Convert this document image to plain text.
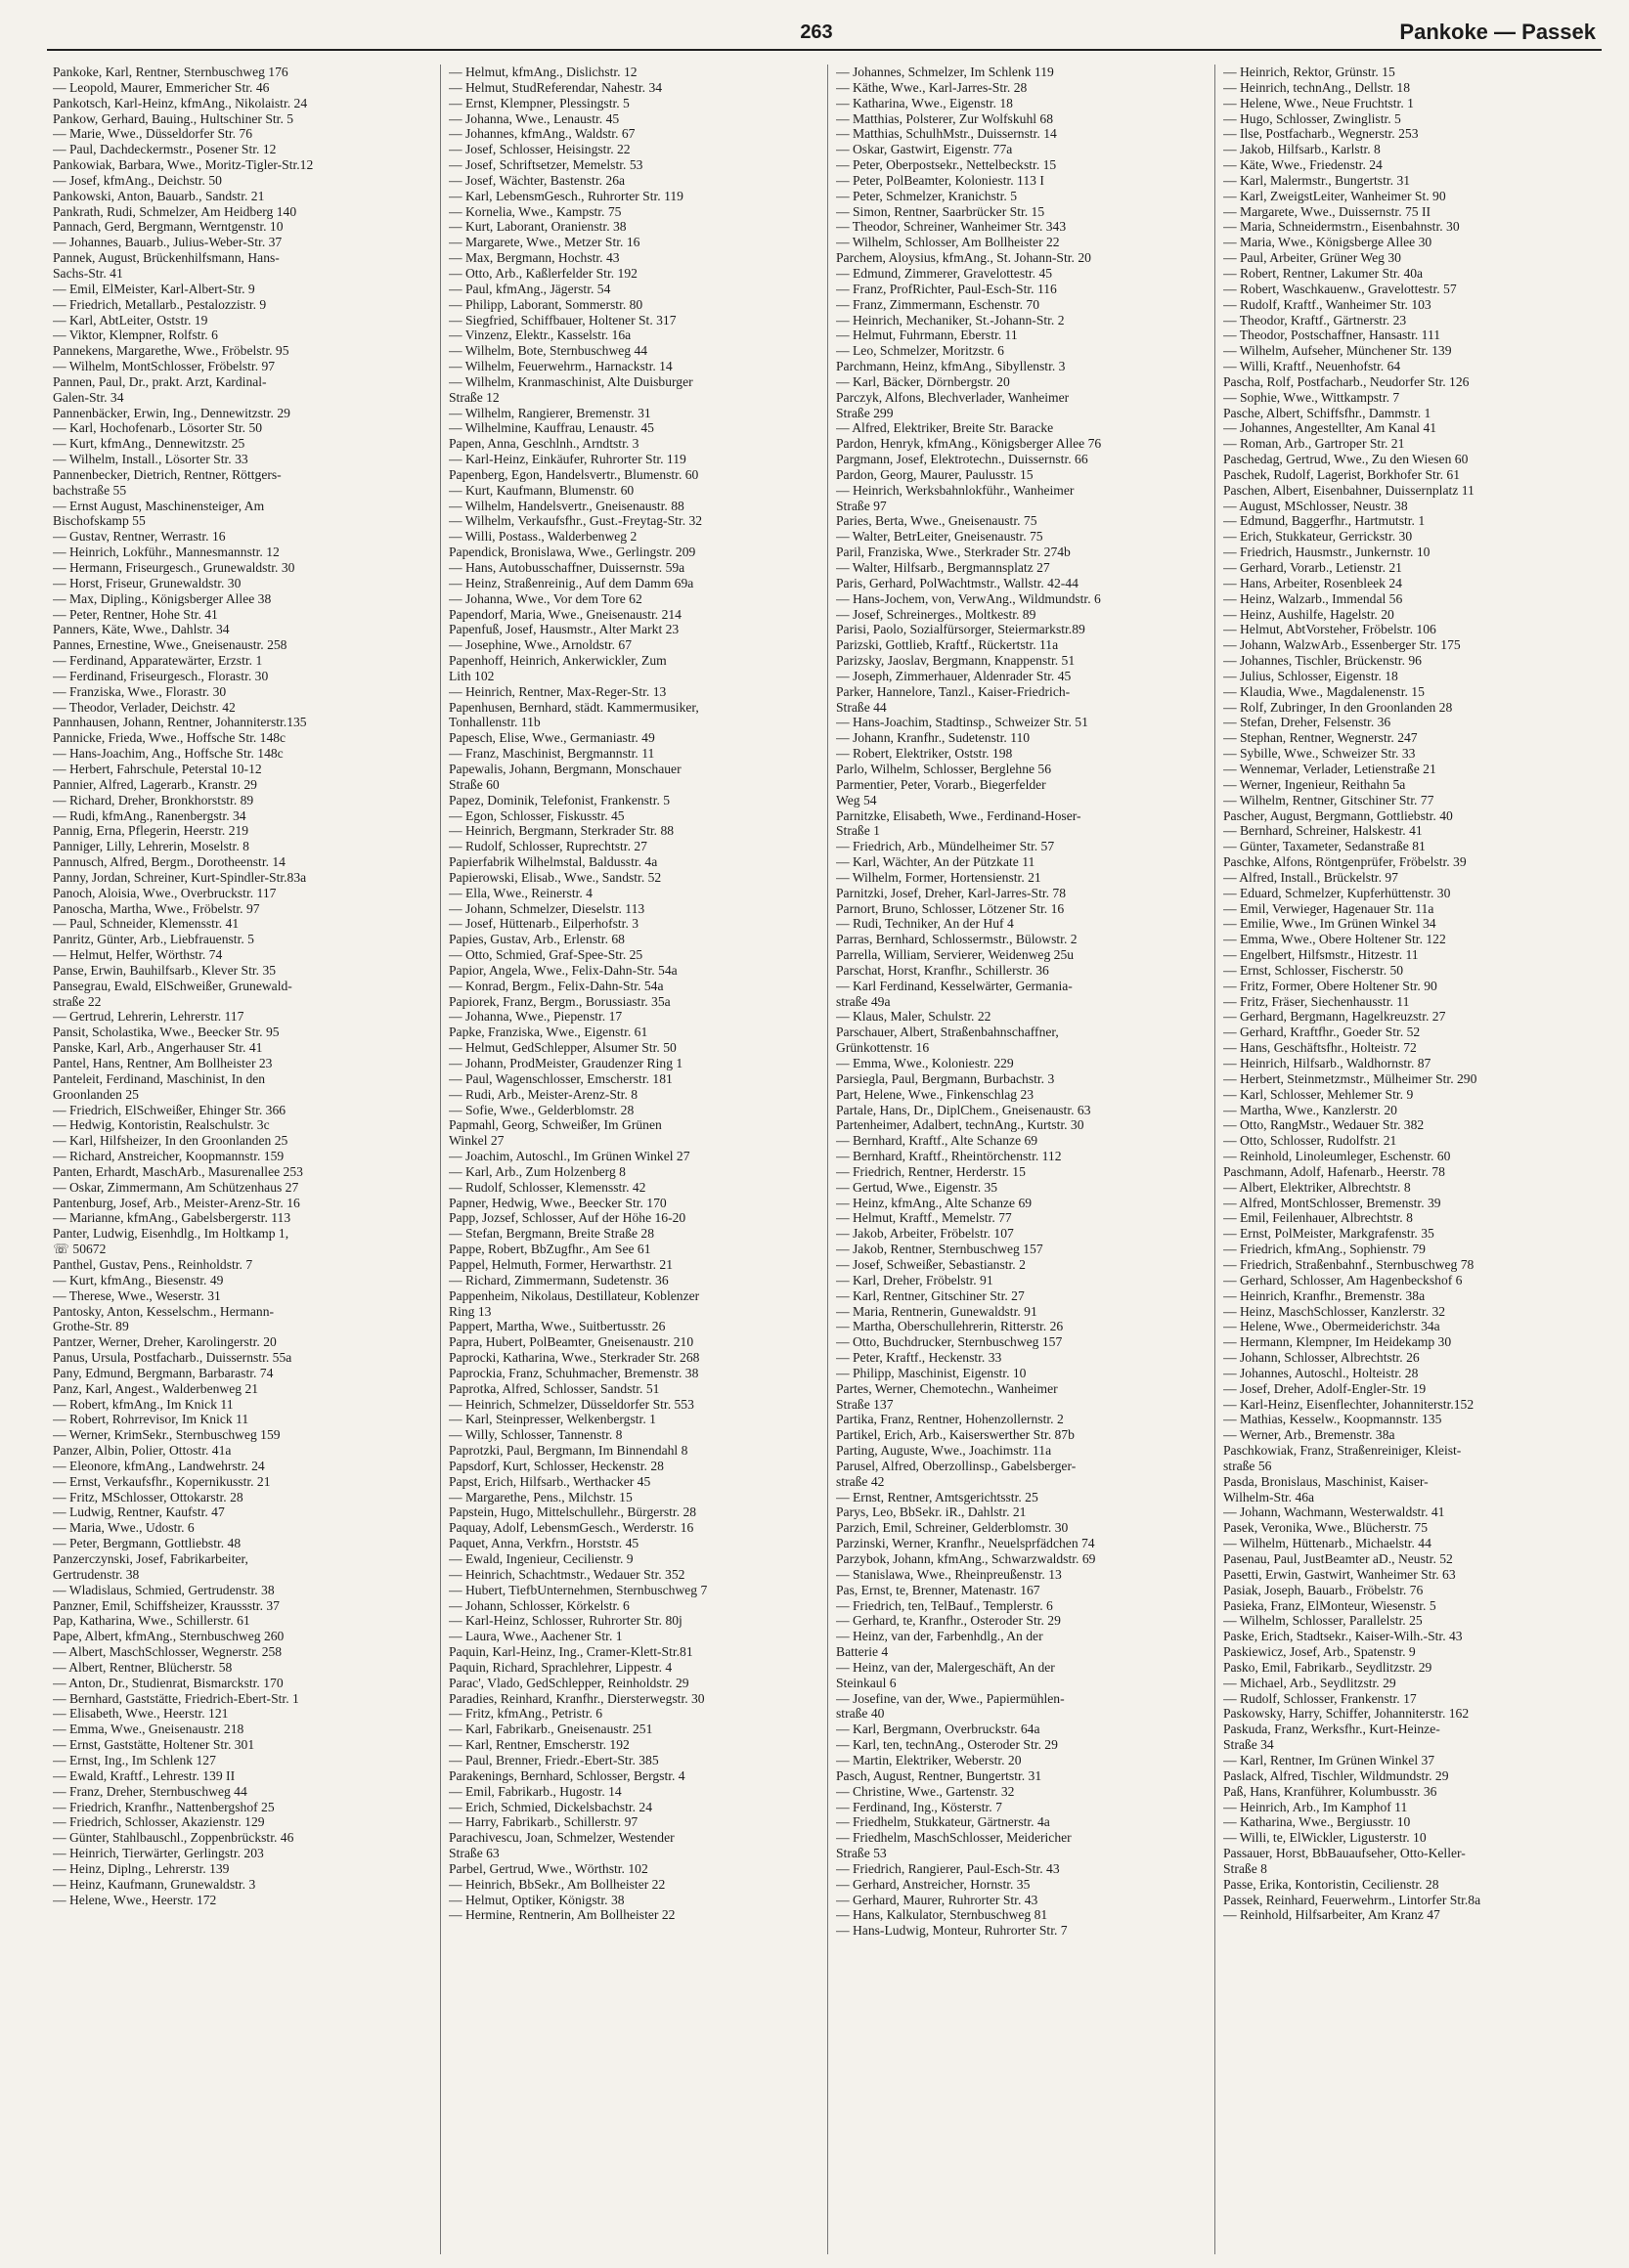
263	Pankoke — Passek
Pankoke, Karl, Rentner, Sternbuschweg 176
— Leopold, Maurer, Emmericher Str. 46
Pankotsch, Karl-Heinz, kfmAng., Nikolaistr. 24
Pankow, Gerhard, Bauing., Hultschiner Str. 5
— Marie, Wwe., Düsseldorfer Str. 76
— Paul, Dachdeckermstr., Posener Str. 12
Pankowiak, Barbara, Wwe., Moritz-Tigler-Str.12
— Josef, kfmAng., Deichstr. 50
Pankowski, Anton, Bauarb., Sandstr. 21
Pankrath, Rudi, Schmelzer, Am Heidberg 140
Pannach, Gerd, Bergmann, Werntgenstr. 10
— Johannes, Bauarb., Julius-Weber-Str. 37
Pannek, August, Brückenhilfsmann, Hans-
Sachs-Str. 41
— Emil, ElMeister, Karl-Albert-Str. 9
— Friedrich, Metallarb., Pestalozzistr. 9
— Karl, AbtLeiter, Oststr. 19
— Viktor, Klempner, Rolfstr. 6
Pannekens, Margarethe, Wwe., Fröbelstr. 95
— Wilhelm, MontSchlosser, Fröbelstr. 97
Pannen, Paul, Dr., prakt. Arzt, Kardinal-
Galen-Str. 34
Pannenbäcker, Erwin, Ing., Dennewitzstr. 29
— Karl, Hochofenarb., Lösorter Str. 50
— Kurt, kfmAng., Dennewitzstr. 25
— Wilhelm, Install., Lösorter Str. 33
Pannenbecker, Dietrich, Rentner, Röttgers-
bachstraße 55
— Ernst August, Maschinensteiger, Am
Bischofskamp 55
— Gustav, Rentner, Werrastr. 16
— Heinrich, Lokführ., Mannesmannstr. 12
— Hermann, Friseurgesch., Grunewaldstr. 30
— Horst, Friseur, Grunewaldstr. 30
— Max, Dipling., Königsberger Allee 38
— Peter, Rentner, Hohe Str. 41
Panners, Käte, Wwe., Dahlstr. 34
Pannes, Ernestine, Wwe., Gneisenaustr. 258
— Ferdinand, Apparatewärter, Erzstr. 1
— Ferdinand, Friseurgesch., Florastr. 30
— Franziska, Wwe., Florastr. 30
— Theodor, Verlader, Deichstr. 42
Pannhausen, Johann, Rentner, Johanniterstr.135
Pannicke, Frieda, Wwe., Hoffsche Str. 148c
— Hans-Joachim, Ang., Hoffsche Str. 148c
— Herbert, Fahrschule, Peterstal 10-12
Pannier, Alfred, Lagerarb., Kranstr. 29
— Richard, Dreher, Bronkhorststr. 89
— Rudi, kfmAng., Ranenbergstr. 34
Pannig, Erna, Pflegerin, Heerstr. 219
Panniger, Lilly, Lehrerin, Moselstr. 8
Pannusch, Alfred, Bergm., Dorotheenstr. 14
Panny, Jordan, Schreiner, Kurt-Spindler-Str.83a
Panoch, Aloisia, Wwe., Overbruckstr. 117
Panoscha, Martha, Wwe., Fröbelstr. 97
— Paul, Schneider, Klemensstr. 41
Panritz, Günter, Arb., Liebfrauenstr. 5
— Helmut, Helfer, Wörthstr. 74
Panse, Erwin, Bauhilfsarb., Klever Str. 35
Pansegrau, Ewald, ElSchweißer, Grunewald-
straße 22
— Gertrud, Lehrerin, Lehrerstr. 117
Pansit, Scholastika, Wwe., Beecker Str. 95
Panske, Karl, Arb., Angerhauser Str. 41
Pantel, Hans, Rentner, Am Bollheister 23
Panteleit, Ferdinand, Maschinist, In den
Groonlanden 25
— Friedrich, ElSchweißer, Ehinger Str. 366
— Hedwig, Kontoristin, Realschulstr. 3c
— Karl, Hilfsheizer, In den Groonlanden 25
— Richard, Anstreicher, Koopmannstr. 159
Panten, Erhardt, MaschArb., Masurenallee 253
— Oskar, Zimmermann, Am Schützenhaus 27
Pantenburg, Josef, Arb., Meister-Arenz-Str. 16
— Marianne, kfmAng., Gabelsbergerstr. 113
Panter, Ludwig, Eisenhdlg., Im Holtkamp 1,
☏ 50672
Panthel, Gustav, Pens., Reinholdstr. 7
— Kurt, kfmAng., Biesenstr. 49
— Therese, Wwe., Weserstr. 31
Pantosky, Anton, Kesselschm., Hermann-
Grothe-Str. 89
Pantzer, Werner, Dreher, Karolingerstr. 20
Panus, Ursula, Postfacharb., Duissernstr. 55a
Pany, Edmund, Bergmann, Barbarastr. 74
Panz, Karl, Angest., Walderbenweg 21
— Robert, kfmAng., Im Knick 11
— Robert, Rohrrevisor, Im Knick 11
— Werner, KrimSekr., Sternbuschweg 159
Panzer, Albin, Polier, Ottostr. 41a
— Eleonore, kfmAng., Landwehrstr. 24
— Ernst, Verkaufsfhr., Kopernikusstr. 21
— Fritz, MSchlosser, Ottokarstr. 28
— Ludwig, Rentner, Kaufstr. 47
— Maria, Wwe., Udostr. 6
— Peter, Bergmann, Gottliebstr. 48
Panzerczynski, Josef, Fabrikarbeiter,
Gertrudenstr. 38
— Wladislaus, Schmied, Gertrudenstr. 38
Panzner, Emil, Schiffsheizer, Kraussstr. 37
Pap, Katharina, Wwe., Schillerstr. 61
Pape, Albert, kfmAng., Sternbuschweg 260
— Albert, MaschSchlosser, Wegnerstr. 258
— Albert, Rentner, Blücherstr. 58
— Anton, Dr., Studienrat, Bismarckstr. 170
— Bernhard, Gaststätte, Friedrich-Ebert-Str. 1
— Elisabeth, Wwe., Heerstr. 121
— Emma, Wwe., Gneisenaustr. 218
— Ernst, Gaststätte, Holtener Str. 301
— Ernst, Ing., Im Schlenk 127
— Ewald, Kraftf., Lehrestr. 139 II
— Franz, Dreher, Sternbuschweg 44
— Friedrich, Kranfhr., Nattenbergshof 25
— Friedrich, Schlosser, Akazienstr. 129
— Günter, Stahlbauschl., Zoppenbrückstr. 46
— Heinrich, Tierwärter, Gerlingstr. 203
— Heinz, Diplng., Lehrerstr. 139
— Heinz, Kaufmann, Grunewaldstr. 3
— Helene, Wwe., Heerstr. 172
— Helmut, kfmAng., Dislichstr. 12
— Helmut, StudReferendar, Nahestr. 34
— Ernst, Klempner, Plessingstr. 5
— Johanna, Wwe., Lenaustr. 45
— Johannes, kfmAng., Waldstr. 67
— Josef, Schlosser, Heisingstr. 22
— Josef, Schriftsetzer, Memelstr. 53
— Josef, Wächter, Bastenstr. 26a
— Karl, LebensmGesch., Ruhrorter Str. 119
— Kornelia, Wwe., Kampstr. 75
— Kurt, Laborant, Oranienstr. 38
— Margarete, Wwe., Metzer Str. 16
— Max, Bergmann, Hochstr. 43
— Otto, Arb., Kaßlerfelder Str. 192
— Paul, kfmAng., Jägerstr. 54
— Philipp, Laborant, Sommerstr. 80
— Siegfried, Schiffbauer, Holtener St. 317
— Vinzenz, Elektr., Kasselstr. 16a
— Wilhelm, Bote, Sternbuschweg 44
— Wilhelm, Feuerwehrm., Harnackstr. 14
— Wilhelm, Kranmaschinist, Alte Duisburger
Straße 12
— Wilhelm, Rangierer, Bremenstr. 31
— Wilhelmine, Kauffrau, Lenaustr. 45
Papen, Anna, Geschlnh., Arndtstr. 3
— Karl-Heinz, Einkäufer, Ruhrorter Str. 119
Papenberg, Egon, Handelsvertr., Blumenstr. 60
— Kurt, Kaufmann, Blumenstr. 60
— Wilhelm, Handelsvertr., Gneisenaustr. 88
— Wilhelm, Verkaufsfhr., Gust.-Freytag-Str. 32
— Willi, Postass., Walderbenweg 2
Papendick, Bronislawa, Wwe., Gerlingstr. 209
— Hans, Autobusschaffner, Duissernstr. 59a
— Heinz, Straßenreinig., Auf dem Damm 69a
— Johanna, Wwe., Vor dem Tore 62
Papendorf, Maria, Wwe., Gneisenaustr. 214
Papenfuß, Josef, Hausmstr., Alter Markt 23
— Josephine, Wwe., Arnoldstr. 67
Papenhoff, Heinrich, Ankerwickler, Zum
Lith 102
— Heinrich, Rentner, Max-Reger-Str. 13
Papenhusen, Bernhard, städt. Kammermusiker,
Tonhallenstr. 11b
Papesch, Elise, Wwe., Germaniastr. 49
— Franz, Maschinist, Bergmannstr. 11
Papewalis, Johann, Bergmann, Monschauer
Straße 60
Papez, Dominik, Telefonist, Frankenstr. 5
— Egon, Schlosser, Fiskusstr. 45
— Heinrich, Bergmann, Sterkrader Str. 88
— Rudolf, Schlosser, Ruprechtstr. 27
Papierfabrik Wilhelmstal, Baldusstr. 4a
Papierowski, Elisab., Wwe., Sandstr. 52
— Ella, Wwe., Reinerstr. 4
— Johann, Schmelzer, Dieselstr. 113
— Josef, Hüttenarb., Eilperhofstr. 3
Papies, Gustav, Arb., Erlenstr. 68
— Otto, Schmied, Graf-Spee-Str. 25
Papior, Angela, Wwe., Felix-Dahn-Str. 54a
— Konrad, Bergm., Felix-Dahn-Str. 54a
Papiorek, Franz, Bergm., Borussiastr. 35a
— Johanna, Wwe., Piepenstr. 17
Papke, Franziska, Wwe., Eigenstr. 61
— Helmut, GedSchlepper, Alsumer Str. 50
— Johann, ProdMeister, Graudenzer Ring 1
— Paul, Wagenschlosser, Emscherstr. 181
— Rudi, Arb., Meister-Arenz-Str. 8
— Sofie, Wwe., Gelderblomstr. 28
Papmahl, Georg, Schweißer, Im Grünen
Winkel 27
— Joachim, Autoschl., Im Grünen Winkel 27
— Karl, Arb., Zum Holzenberg 8
— Rudolf, Schlosser, Klemensstr. 42
Papner, Hedwig, Wwe., Beecker Str. 170
Papp, Jozsef, Schlosser, Auf der Höhe 16-20
— Stefan, Bergmann, Breite Straße 28
Pappe, Robert, BbZugfhr., Am See 61
Pappel, Helmuth, Former, Herwarthstr. 21
— Richard, Zimmermann, Sudetenstr. 36
Pappenheim, Nikolaus, Destillateur, Koblenzer
Ring 13
Pappert, Martha, Wwe., Suitbertusstr. 26
Papra, Hubert, PolBeamter, Gneisenaustr. 210
Paprocki, Katharina, Wwe., Sterkrader Str. 268
Paprockia, Franz, Schuhmacher, Bremenstr. 38
Paprotka, Alfred, Schlosser, Sandstr. 51
— Heinrich, Schmelzer, Düsseldorfer Str. 553
— Karl, Steinpresser, Welkenbergstr. 1
— Willy, Schlosser, Tannenstr. 8
Paprotzki, Paul, Bergmann, Im Binnendahl 8
Papsdorf, Kurt, Schlosser, Heckenstr. 28
Papst, Erich, Hilfsarb., Werthacker 45
— Margarethe, Pens., Milchstr. 15
Papstein, Hugo, Mittelschullehr., Bürgerstr. 28
Paquay, Adolf, LebensmGesch., Werderstr. 16
Paquet, Anna, Verkfrn., Horststr. 45
— Ewald, Ingenieur, Cecilienstr. 9
— Heinrich, Schachtmstr., Wedauer Str. 352
— Hubert, TiefbUnternehmen, Sternbuschweg 7
— Johann, Schlosser, Körkelstr. 6
— Karl-Heinz, Schlosser, Ruhrorter Str. 80j
— Laura, Wwe., Aachener Str. 1
Paquin, Karl-Heinz, Ing., Cramer-Klett-Str.81
Paquin, Richard, Sprachlehrer, Lippestr. 4
Parac', Vlado, GedSchlepper, Reinholdstr. 29
Paradies, Reinhard, Kranfhr., Diersterwegstr. 30
— Fritz, kfmAng., Petristr. 6
— Karl, Fabrikarb., Gneisenaustr. 251
— Karl, Rentner, Emscherstr. 192
— Paul, Brenner, Friedr.-Ebert-Str. 385
Parakenings, Bernhard, Schlosser, Bergstr. 4
— Emil, Fabrikarb., Hugostr. 14
— Erich, Schmied, Dickelsbachstr. 24
— Harry, Fabrikarb., Schillerstr. 97
Parachivescu, Joan, Schmelzer, Westender
Straße 63
Parbel, Gertrud, Wwe., Wörthstr. 102
— Heinrich, BbSekr., Am Bollheister 22
— Helmut, Optiker, Königstr. 38
— Hermine, Rentnerin, Am Bollheister 22
— Johannes, Schmelzer, Im Schlenk 119
— Käthe, Wwe., Karl-Jarres-Str. 28
— Katharina, Wwe., Eigenstr. 18
— Matthias, Polsterer, Zur Wolfskuhl 68
— Matthias, SchulhMstr., Duissernstr. 14
— Oskar, Gastwirt, Eigenstr. 77a
— Peter, Oberpostsekr., Nettelbeckstr. 15
— Peter, PolBeamter, Koloniestr. 113 I
— Peter, Schmelzer, Kranichstr. 5
— Simon, Rentner, Saarbrücker Str. 15
— Theodor, Schreiner, Wanheimer Str. 343
— Wilhelm, Schlosser, Am Bollheister 22
Parchem, Aloysius, kfmAng., St. Johann-Str. 20
— Edmund, Zimmerer, Gravelottestr. 45
— Franz, ProfRichter, Paul-Esch-Str. 116
— Franz, Zimmermann, Eschenstr. 70
— Heinrich, Mechaniker, St.-Johann-Str. 2
— Helmut, Fuhrmann, Eberstr. 11
— Leo, Schmelzer, Moritzstr. 6
Parchmann, Heinz, kfmAng., Sibyllenstr. 3
— Karl, Bäcker, Dörnbergstr. 20
Parczyk, Alfons, Blechverlader, Wanheimer
Straße 299
— Alfred, Elektriker, Breite Str. Baracke
Pardon, Henryk, kfmAng., Königsberger Allee 76
Pargmann, Josef, Elektrotechn., Duissernstr. 66
Pardon, Georg, Maurer, Paulusstr. 15
— Heinrich, Werksbahnlokführ., Wanheimer
Straße 97
Paries, Berta, Wwe., Gneisenaustr. 75
— Walter, BetrLeiter, Gneisenaustr. 75
Paril, Franziska, Wwe., Sterkrader Str. 274b
— Walter, Hilfsarb., Bergmannsplatz 27
Paris, Gerhard, PolWachtmstr., Wallstr. 42-44
— Hans-Jochem, von, VerwAng., Wildmundstr. 6
— Josef, Schreinerges., Moltkestr. 89
Parisi, Paolo, Sozialfürsorger, Steiermarkstr.89
Parizski, Gottlieb, Kraftf., Rückertstr. 11a
Parizsky, Jaoslav, Bergmann, Knappenstr. 51
— Joseph, Zimmerhauer, Aldenrader Str. 45
Parker, Hannelore, Tanzl., Kaiser-Friedrich-
Straße 44
— Hans-Joachim, Stadtinsp., Schweizer Str. 51
— Johann, Kranfhr., Sudetenstr. 110
— Robert, Elektriker, Oststr. 198
Parlo, Wilhelm, Schlosser, Berglehne 56
Parmentier, Peter, Vorarb., Biegerfelder
Weg 54
Parnitzke, Elisabeth, Wwe., Ferdinand-Hoser-
Straße 1
— Friedrich, Arb., Mündelheimer Str. 57
— Karl, Wächter, An der Pützkate 11
— Wilhelm, Former, Hortensienstr. 21
Parnitzki, Josef, Dreher, Karl-Jarres-Str. 78
Parnort, Bruno, Schlosser, Lötzener Str. 16
— Rudi, Techniker, An der Huf 4
Parras, Bernhard, Schlossermstr., Bülowstr. 2
Parrella, William, Servierer, Weidenweg 25u
Parschat, Horst, Kranfhr., Schillerstr. 36
— Karl Ferdinand, Kesselwärter, Germania-
straße 49a
— Klaus, Maler, Schulstr. 22
Parschauer, Albert, Straßenbahnschaffner,
Grünkottenstr. 16
— Emma, Wwe., Koloniestr. 229
Parsiegla, Paul, Bergmann, Burbachstr. 3
Part, Helene, Wwe., Finkenschlag 23
Partale, Hans, Dr., DiplChem., Gneisenaustr. 63
Partenheimer, Adalbert, technAng., Kurtstr. 30
— Bernhard, Kraftf., Alte Schanze 69
— Bernhard, Kraftf., Rheintörchenstr. 112
— Friedrich, Rentner, Herderstr. 15
— Gertud, Wwe., Eigenstr. 35
— Heinz, kfmAng., Alte Schanze 69
— Helmut, Kraftf., Memelstr. 77
— Jakob, Arbeiter, Fröbelstr. 107
— Jakob, Rentner, Sternbuschweg 157
— Josef, Schweißer, Sebastianstr. 2
— Karl, Dreher, Fröbelstr. 91
— Karl, Rentner, Gitschiner Str. 27
— Maria, Rentnerin, Gunewaldstr. 91
— Martha, Oberschullehrerin, Ritterstr. 26
— Otto, Buchdrucker, Sternbuschweg 157
— Peter, Kraftf., Heckenstr. 33
— Philipp, Maschinist, Eigenstr. 10
Partes, Werner, Chemotechn., Wanheimer
Straße 137
Partika, Franz, Rentner, Hohenzollernstr. 2
Partikel, Erich, Arb., Kaiserswerther Str. 87b
Parting, Auguste, Wwe., Joachimstr. 11a
Parusel, Alfred, Oberzollinsp., Gabelsberger-
straße 42
— Ernst, Rentner, Amtsgerichtsstr. 25
Parys, Leo, BbSekr. iR., Dahlstr. 21
Parzich, Emil, Schreiner, Gelderblomstr. 30
Parzinski, Werner, Kranfhr., Neuelsprfädchen 74
Parzybok, Johann, kfmAng., Schwarzwaldstr. 69
— Stanislawa, Wwe., Rheinpreußenstr. 13
Pas, Ernst, te, Brenner, Matenastr. 167
— Friedrich, ten, TelBauf., Templerstr. 6
— Gerhard, te, Kranfhr., Osteroder Str. 29
— Heinz, van der, Farbenhdlg., An der
Batterie 4
— Heinz, van der, Malergeschäft, An der
Steinkaul 6
— Josefine, van der, Wwe., Papiermühlen-
straße 40
— Karl, Bergmann, Overbruckstr. 64a
— Karl, ten, technAng., Osteroder Str. 29
— Martin, Elektriker, Weberstr. 20
Pasch, August, Rentner, Bungertstr. 31
— Christine, Wwe., Gartenstr. 32
— Ferdinand, Ing., Kösterstr. 7
— Friedhelm, Stukkateur, Gärtnerstr. 4a
— Friedhelm, MaschSchlosser, Meidericher
Straße 53
— Friedrich, Rangierer, Paul-Esch-Str. 43
— Gerhard, Anstreicher, Hornstr. 35
— Gerhard, Maurer, Ruhrorter Str. 43
— Hans, Kalkulator, Sternbuschweg 81
— Hans-Ludwig, Monteur, Ruhrorter Str. 7
— Heinrich, Rektor, Grünstr. 15
— Heinrich, technAng., Dellstr. 18
— Helene, Wwe., Neue Fruchtstr. 1
— Hugo, Schlosser, Zwinglistr. 5
— Ilse, Postfacharb., Wegnerstr. 253
— Jakob, Hilfsarb., Karlstr. 8
— Käte, Wwe., Friedenstr. 24
— Karl, Malermstr., Bungertstr. 31
— Karl, ZweigstLeiter, Wanheimer St. 90
— Margarete, Wwe., Duissernstr. 75 II
— Maria, Schneidermstrn., Eisenbahnstr. 30
— Maria, Wwe., Königsberge Allee 30
— Paul, Arbeiter, Grüner Weg 30
— Robert, Rentner, Lakumer Str. 40a
— Robert, Waschkauenw., Gravelottestr. 57
— Rudolf, Kraftf., Wanheimer Str. 103
— Theodor, Kraftf., Gärtnerstr. 23
— Theodor, Postschaffner, Hansastr. 111
— Wilhelm, Aufseher, Münchener Str. 139
— Willi, Kraftf., Neuenhofstr. 64
Pascha, Rolf, Postfacharb., Neudorfer Str. 126
— Sophie, Wwe., Wittkampstr. 7
Pasche, Albert, Schiffsfhr., Dammstr. 1
— Johannes, Angestellter, Am Kanal 41
— Roman, Arb., Gartroper Str. 21
Paschedag, Gertrud, Wwe., Zu den Wiesen 60
Paschek, Rudolf, Lagerist, Borkhofer Str. 61
Paschen, Albert, Eisenbahner, Duissernplatz 11
— August, MSchlosser, Neustr. 38
— Edmund, Baggerfhr., Hartmutstr. 1
— Erich, Stukkateur, Gerrickstr. 30
— Friedrich, Hausmstr., Junkernstr. 10
— Gerhard, Vorarb., Letienstr. 21
— Hans, Arbeiter, Rosenbleek 24
— Heinz, Walzarb., Immendal 56
— Heinz, Aushilfe, Hagelstr. 20
— Helmut, AbtVorsteher, Fröbelstr. 106
— Johann, WalzwArb., Essenberger Str. 175
— Johannes, Tischler, Brückenstr. 96
— Julius, Schlosser, Eigenstr. 18
— Klaudia, Wwe., Magdalenenstr. 15
— Rolf, Zubringer, In den Groonlanden 28
— Stefan, Dreher, Felsenstr. 36
— Stephan, Rentner, Wegnerstr. 247
— Sybille, Wwe., Schweizer Str. 33
— Wennemar, Verlader, Letienstraße 21
— Werner, Ingenieur, Reithahn 5a
— Wilhelm, Rentner, Gitschiner Str. 77
Pascher, August, Bergmann, Gottliebstr. 40
— Bernhard, Schreiner, Halskestr. 41
— Günter, Taxameter, Sedanstraße 81
Paschke, Alfons, Röntgenprüfer, Fröbelstr. 39
— Alfred, Install., Brückelstr. 97
— Eduard, Schmelzer, Kupferhüttenstr. 30
— Emil, Verwieger, Hagenauer Str. 11a
— Emilie, Wwe., Im Grünen Winkel 34
— Emma, Wwe., Obere Holtener Str. 122
— Engelbert, Hilfsmstr., Hitzestr. 11
— Ernst, Schlosser, Fischerstr. 50
— Fritz, Former, Obere Holtener Str. 90
— Fritz, Fräser, Siechenhausstr. 11
— Gerhard, Bergmann, Hagelkreuzstr. 27
— Gerhard, Kraftfhr., Goeder Str. 52
— Hans, Geschäftsfhr., Holteistr. 72
— Heinrich, Hilfsarb., Waldhornstr. 87
— Herbert, Steinmetzmstr., Mülheimer Str. 290
— Karl, Schlosser, Mehlemer Str. 9
— Martha, Wwe., Kanzlerstr. 20
— Otto, RangMstr., Wedauer Str. 382
— Otto, Schlosser, Rudolfstr. 21
— Reinhold, Linoleumleger, Eschenstr. 60
Paschmann, Adolf, Hafenarb., Heerstr. 78
— Albert, Elektriker, Albrechtstr. 8
— Alfred, MontSchlosser, Bremenstr. 39
— Emil, Feilenhauer, Albrechtstr. 8
— Ernst, PolMeister, Markgrafenstr. 35
— Friedrich, kfmAng., Sophienstr. 79
— Friedrich, Straßenbahnf., Sternbuschweg 78
— Gerhard, Schlosser, Am Hagenbeckshof 6
— Heinrich, Kranfhr., Bremenstr. 38a
— Heinz, MaschSchlosser, Kanzlerstr. 32
— Helene, Wwe., Obermeiderichstr. 34a
— Hermann, Klempner, Im Heidekamp 30
— Johann, Schlosser, Albrechtstr. 26
— Johannes, Autoschl., Holteistr. 28
— Josef, Dreher, Adolf-Engler-Str. 19
— Karl-Heinz, Eisenflechter, Johanniterstr.152
— Mathias, Kesselw., Koopmannstr. 135
— Werner, Arb., Bremenstr. 38a
Paschkowiak, Franz, Straßenreiniger, Kleist-
straße 56
Pasda, Bronislaus, Maschinist, Kaiser-
Wilhelm-Str. 46a
— Johann, Wachmann, Westerwaldstr. 41
Pasek, Veronika, Wwe., Blücherstr. 75
— Wilhelm, Hüttenarb., Michaelstr. 44
Pasenau, Paul, JustBeamter aD., Neustr. 52
Pasetti, Erwin, Gastwirt, Wanheimer Str. 63
Pasiak, Joseph, Bauarb., Fröbelstr. 76
Pasieka, Franz, ElMonteur, Wiesenstr. 5
— Wilhelm, Schlosser, Parallelstr. 25
Paske, Erich, Stadtsekr., Kaiser-Wilh.-Str. 43
Paskiewicz, Josef, Arb., Spatenstr. 9
Pasko, Emil, Fabrikarb., Seydlitzstr. 29
— Michael, Arb., Seydlitzstr. 29
— Rudolf, Schlosser, Frankenstr. 17
Paskowsky, Harry, Schiffer, Johanniterstr. 162
Paskuda, Franz, Werksfhr., Kurt-Heinze-
Straße 34
— Karl, Rentner, Im Grünen Winkel 37
Paslack, Alfred, Tischler, Wildmundstr. 29
Paß, Hans, Kranführer, Kolumbusstr. 36
— Heinrich, Arb., Im Kamphof 11
— Katharina, Wwe., Bergiusstr. 10
— Willi, te, ElWickler, Ligusterstr. 10
Passauer, Horst, BbBauaufseher, Otto-Keller-
Straße 8
Passe, Erika, Kontoristin, Cecilienstr. 28
Passek, Reinhard, Feuerwehrm., Lintorfer Str.8a
— Reinhold, Hilfsarbeiter, Am Kranz 47
